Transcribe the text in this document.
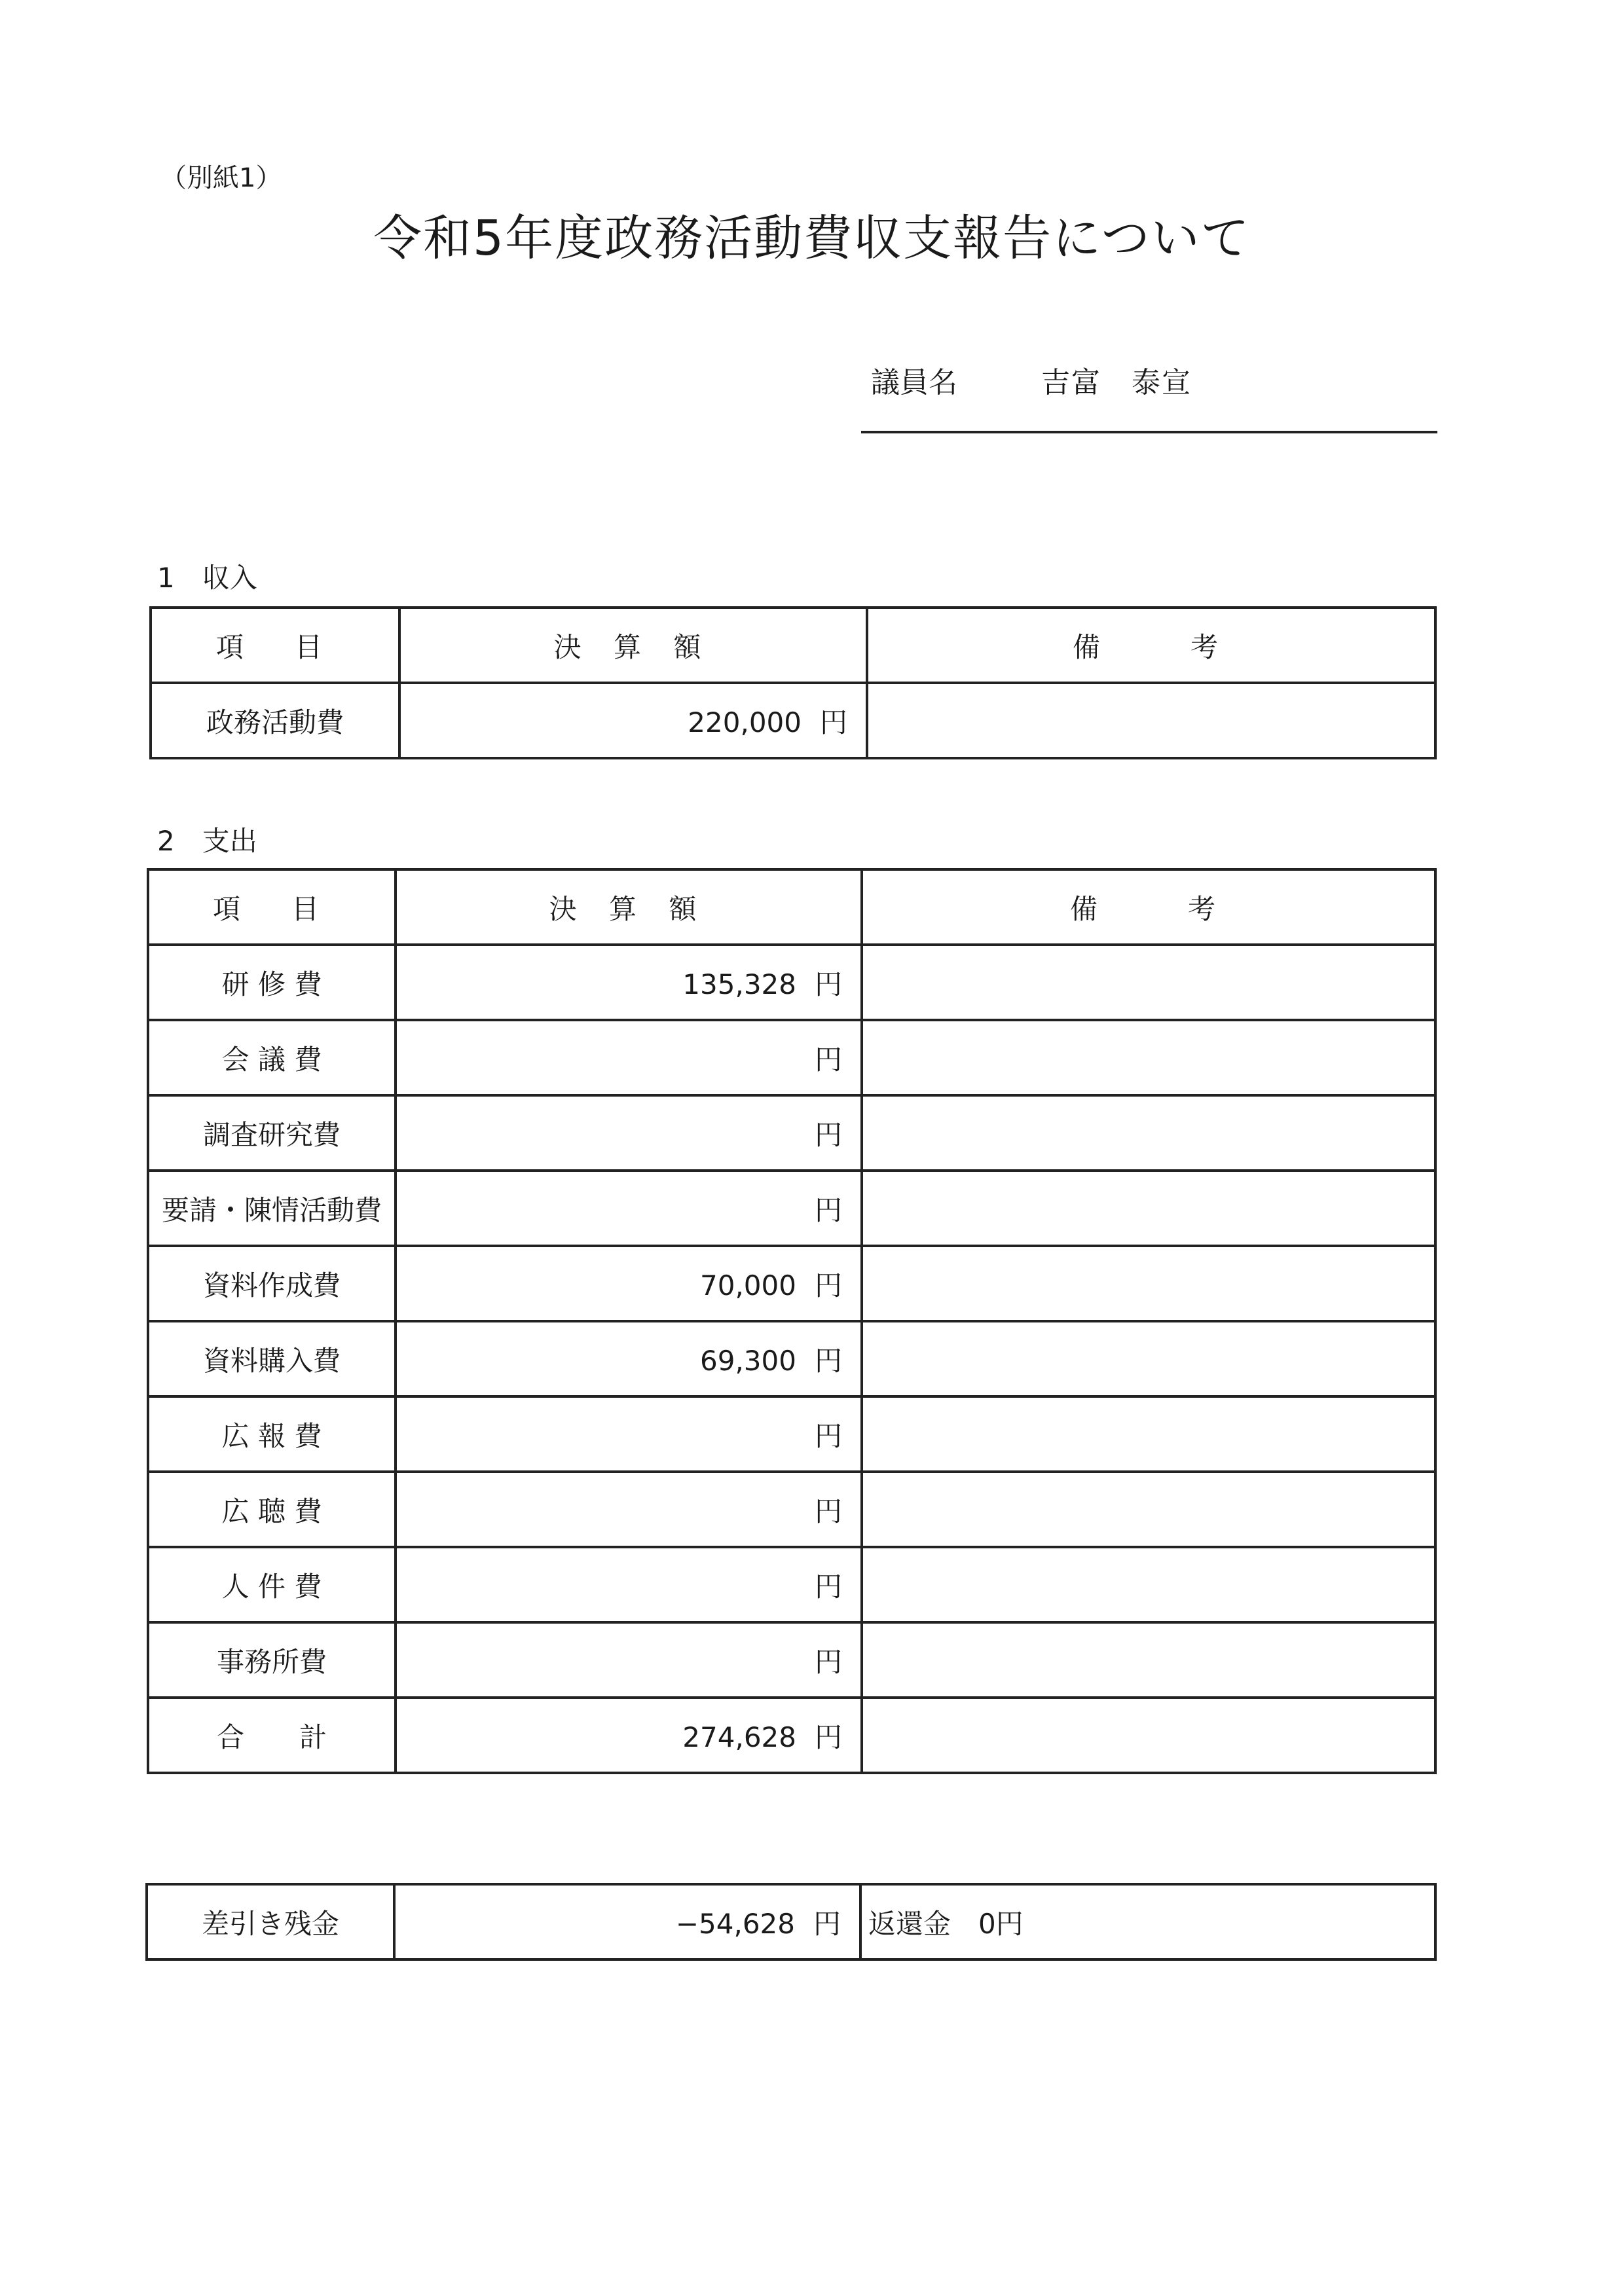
（別紙1）
令和5年度政務活動費収支報告について
議員名	吉富　泰宣
1　収入
項　目	決 算 額	備　　考
政務活動費	220,000 円	
2　支出
項　目	決 算 額	備　　考
研 修 費	135,328 円	
会 議 費	円	
調査研究費	円	
要請・陳情活動費	円	
資料作成費	70,000 円	
資料購入費	69,300 円	
広 報 費	円	
広 聴 費	円	
人 件 費	円	
事務所費	円	
合　　計	274,628 円	
差引き残金	−54,628 円	返還金　0円
